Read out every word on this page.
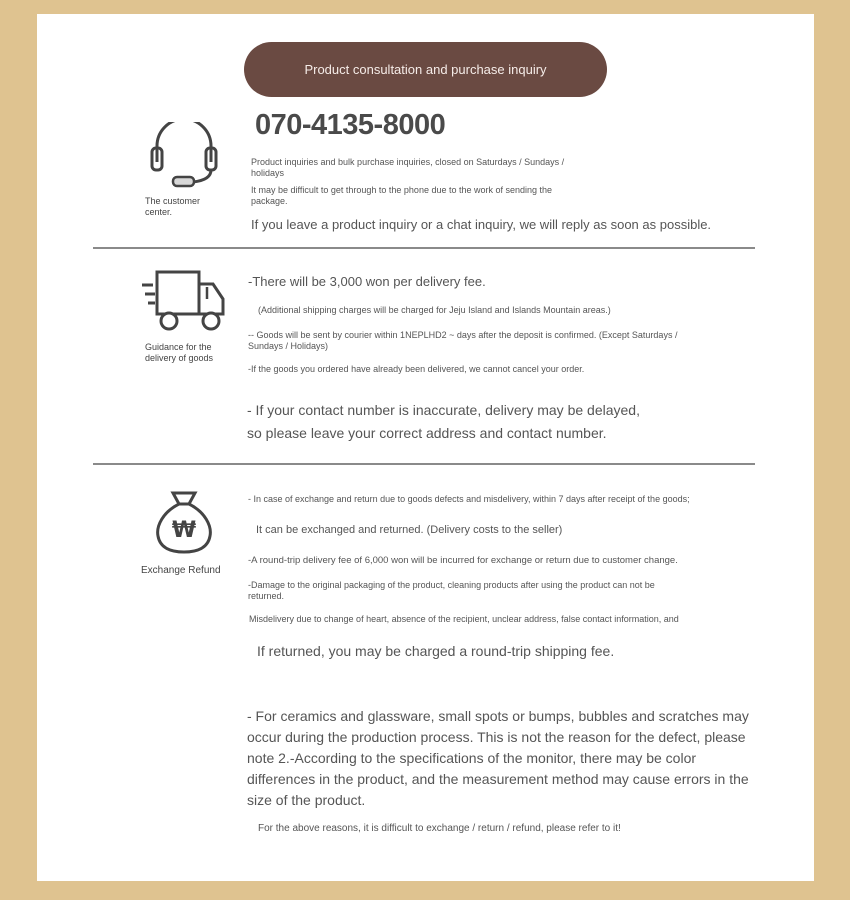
Product consultation and purchase inquiry
The customer center.
070-4135-8000
Product inquiries and bulk purchase inquiries, closed on Saturdays / Sundays / holidays
It may be difficult to get through to the phone due to the work of sending the package.
If you leave a product inquiry or a chat inquiry, we will reply as soon as possible.
Guidance for the delivery of goods
-There will be 3,000 won per delivery fee.
(Additional shipping charges will be charged for Jeju Island and Islands Mountain areas.)
-- Goods will be sent by courier within 1NEPLHD2 ~ days after the deposit is confirmed. (Except Saturdays / Sundays / Holidays)
-If the goods you ordered have already been delivered, we cannot cancel your order.
- If your contact number is inaccurate, delivery may be delayed, so please leave your correct address and contact number.
₩
Exchange Refund
- In case of exchange and return due to goods defects and misdelivery, within 7 days after receipt of the goods;
It can be exchanged and returned. (Delivery costs to the seller)
-A round-trip delivery fee of 6,000 won will be incurred for exchange or return due to customer change.
-Damage to the original packaging of the product, cleaning products after using the product can not be returned.
Misdelivery due to change of heart, absence of the recipient, unclear address, false contact information, and
If returned, you may be charged a round-trip shipping fee.
- For ceramics and glassware, small spots or bumps, bubbles and scratches may occur during the production process. This is not the reason for the defect, please note 2.-According to the specifications of the monitor, there may be color differences in the product, and the measurement method may cause errors in the size of the product.
For the above reasons, it is difficult to exchange / return / refund, please refer to it!
